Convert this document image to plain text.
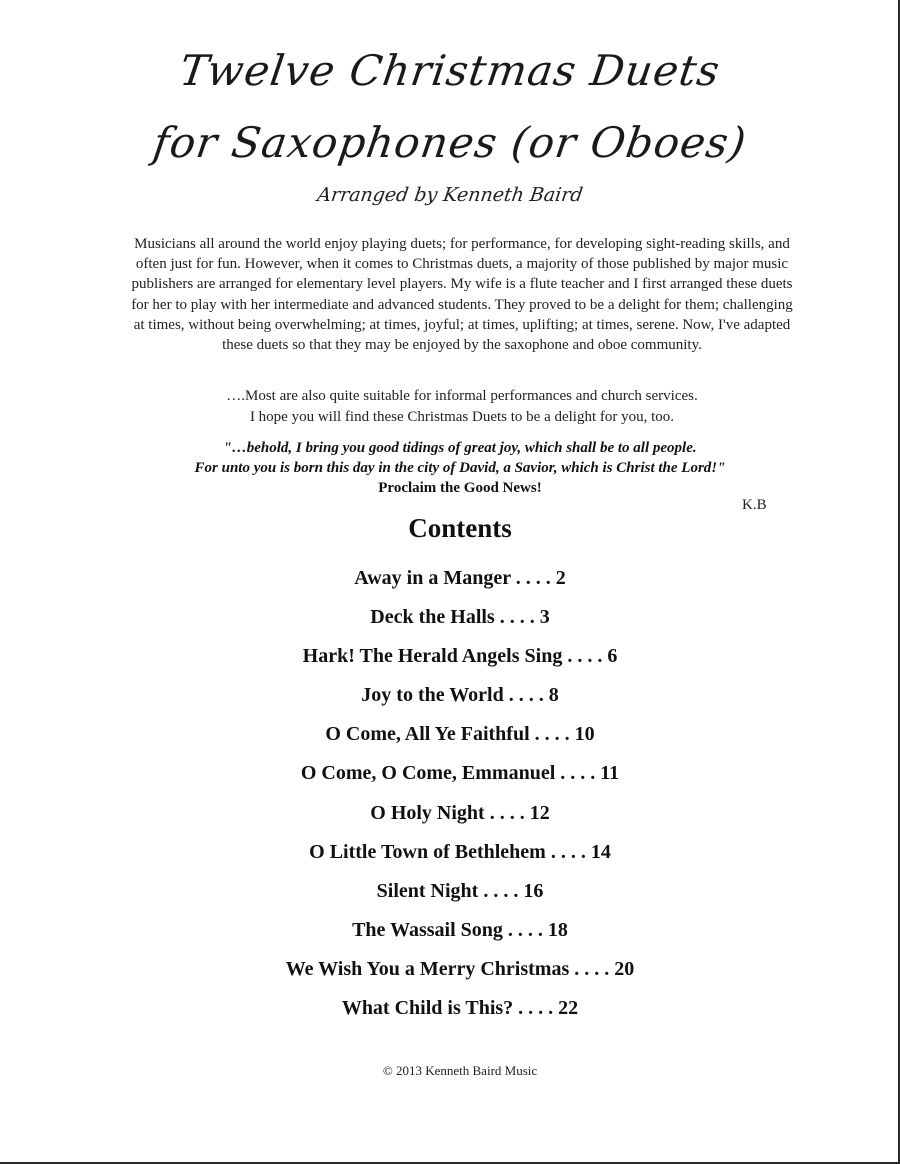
Twelve Christmas Duets
for Saxophones (or Oboes)
Arranged by Kenneth Baird
Musicians all around the world enjoy playing duets; for performance, for developing sight-reading skills, and often just for fun. However, when it comes to Christmas duets, a majority of those published by major music publishers are arranged for elementary level players. My wife is a flute teacher and I first arranged these duets for her to play with her intermediate and advanced students. They proved to be a delight for them; challenging at times, without being overwhelming; at times, joyful; at times, uplifting; at times, serene. Now, I've adapted these duets so that they may be enjoyed by the saxophone and oboe community.
….Most are also quite suitable for informal performances and church services.
I hope you will find these Christmas Duets to be a delight for you, too.
"…behold, I bring you good tidings of great joy, which shall be to all people.
For unto you is born this day in the city of David, a Savior, which is Christ the Lord!"
Proclaim the Good News!
K.B
Contents
Away in a Manger . . . . 2
Deck the Halls . . . . 3
Hark! The Herald Angels Sing . . . . 6
Joy to the World . . . . 8
O Come, All Ye Faithful . . . . 10
O Come, O Come, Emmanuel . . . . 11
O Holy Night . . . . 12
O Little Town of Bethlehem . . . . 14
Silent Night . . . . 16
The Wassail Song . . . . 18
We Wish You a Merry Christmas . . . . 20
What Child is This? . . . . 22
© 2013 Kenneth Baird Music
